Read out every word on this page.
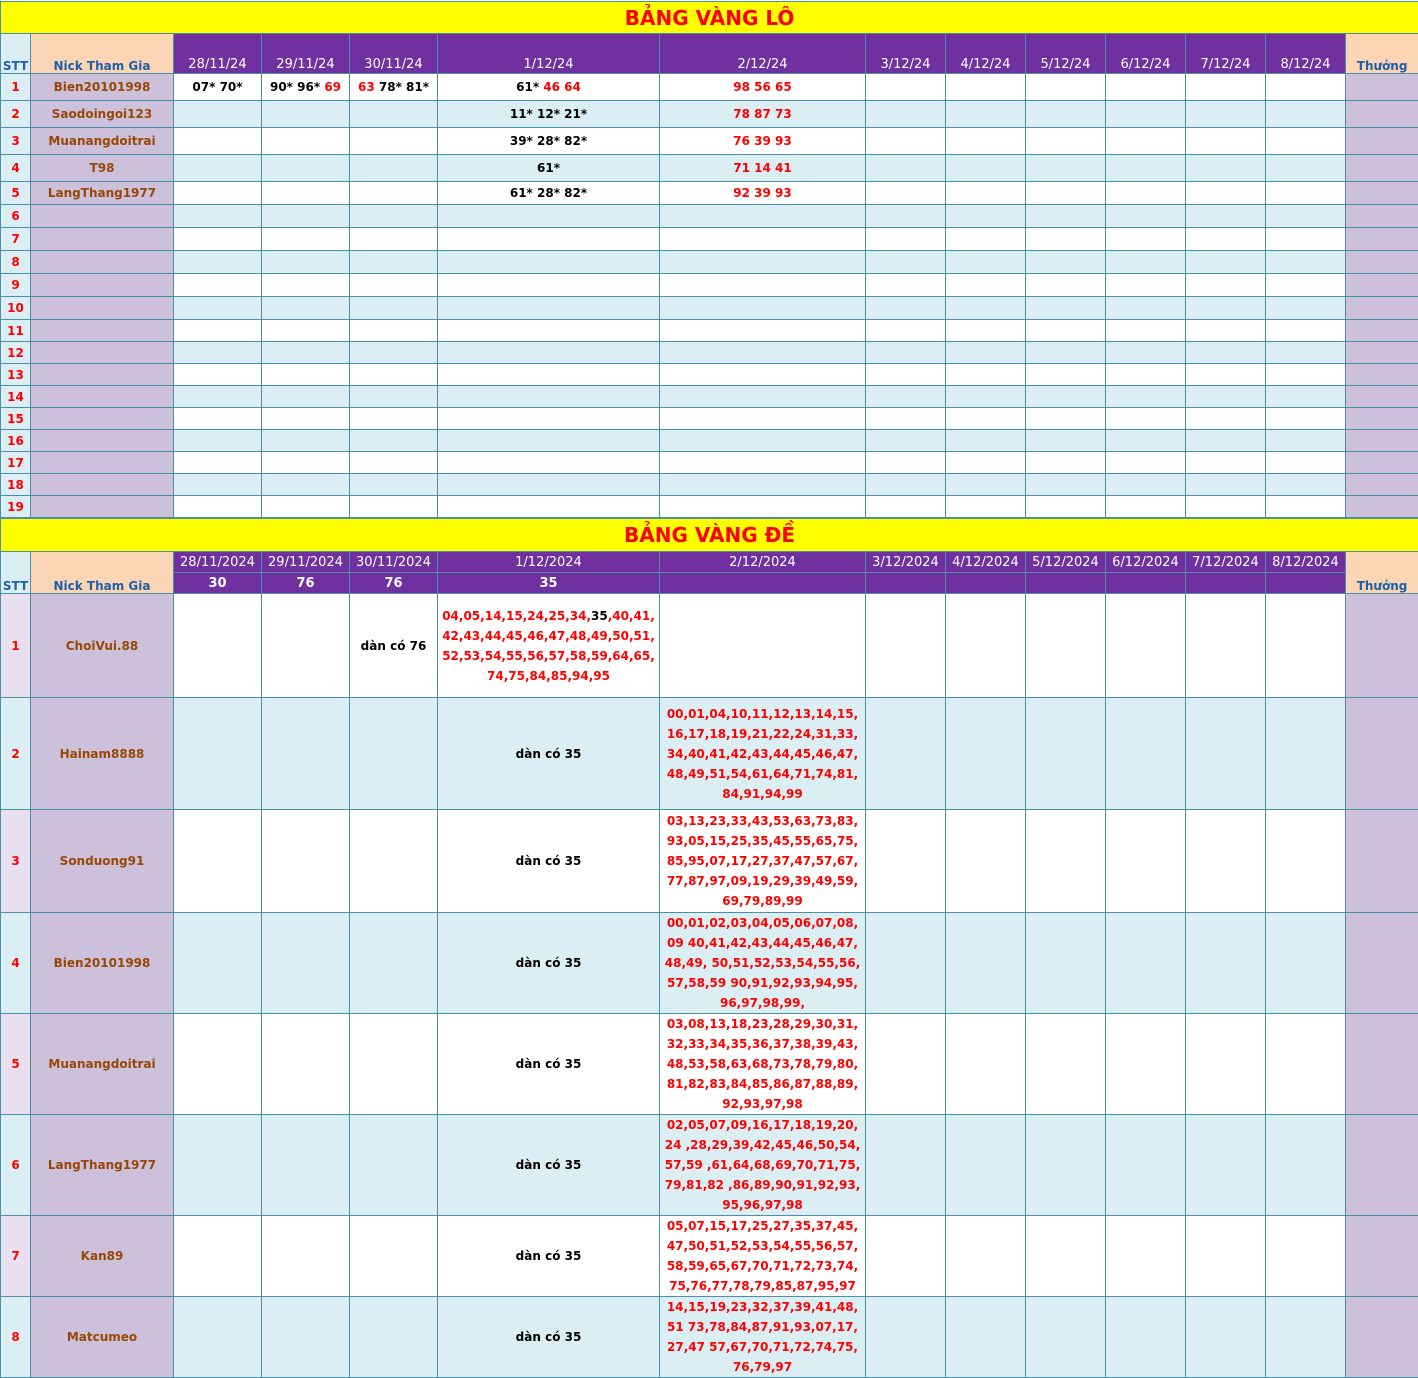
BẢNG VÀNG LÔ													
STT	Nick Tham Gia	28/11/24	29/11/24	30/11/24	1/12/24	2/12/24	3/12/24	4/12/24	5/12/24	6/12/24	7/12/24	8/12/24	Thưởng
1	Bien20101998	07* 70*	90* 96* 69	63 78* 81*	61* 46 64	98 56 65							
2	Saodoingoi123				11* 12* 21*	78 87 73							
3	Muanangdoitrai				39* 28* 82*	76 39 93							
4	T98				61*	71 14 41							
5	LangThang1977				61* 28* 82*	92 39 93							
6													
7													
8													
9													
10													
11													
12													
13													
14													
15													
16													
17													
18													
19													
BẢNG VÀNG ĐỀ													
STT	Nick Tham Gia	28/11/2024	29/11/2024	30/11/2024	1/12/2024	2/12/2024	3/12/2024	4/12/2024	5/12/2024	6/12/2024	7/12/2024	8/12/2024	Thưởng
		30	76	76	35								
1	ChoiVui.88			dàn có 76	04,05,14,15,24,25,34,35,40,41,42,43,44,45,46,47,48,49,50,51,52,53,54,55,56,57,58,59,64,65,74,75,84,85,94,95								

2	Hainam8888				dàn có 35	00,01,04,10,11,12,13,14,15,16,17,18,19,21,22,24,31,33,34,40,41,42,43,44,45,46,47,48,49,51,54,61,64,71,74,81,84,91,94,99							

3	Sonduong91				dàn có 35	03,13,23,33,43,53,63,73,83,93,05,15,25,35,45,55,65,75,85,95,07,17,27,37,47,57,67,77,87,97,09,19,29,39,49,59,69,79,89,99							

4	Bien20101998				dàn có 35	00,01,02,03,04,05,06,07,08,09 40,41,42,43,44,45,46,47,48,49, 50,51,52,53,54,55,56,57,58,59 90,91,92,93,94,95,96,97,98,99,							

5	Muanangdoitrai				dàn có 35	03,08,13,18,23,28,29,30,31,32,33,34,35,36,37,38,39,43,48,53,58,63,68,73,78,79,80,81,82,83,84,85,86,87,88,89,92,93,97,98							

6	LangThang1977				dàn có 35	02,05,07,09,16,17,18,19,20,24 ,28,29,39,42,45,46,50,54,57,59 ,61,64,68,69,70,71,75,79,81,82 ,86,89,90,91,92,93,95,96,97,98							

7	Kan89				dàn có 35	05,07,15,17,25,27,35,37,45,47,50,51,52,53,54,55,56,57,58,59,65,67,70,71,72,73,74,75,76,77,78,79,85,87,95,97							

8	Matcumeo				dàn có 35	14,15,19,23,32,37,39,41,48,51 73,78,84,87,91,93,07,17,27,47 57,67,70,71,72,74,75,76,79,97							
